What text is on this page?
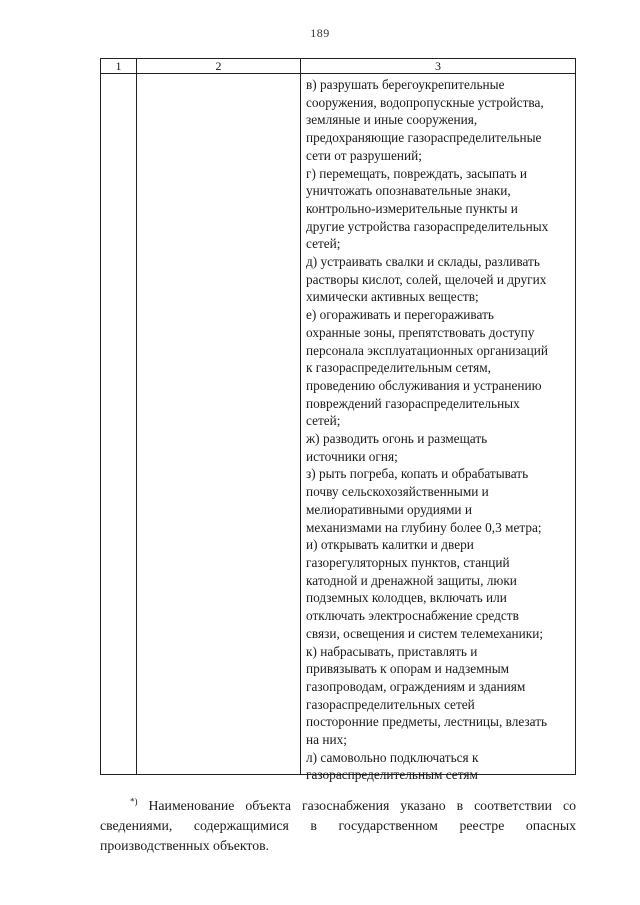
189
1	2	3
в) разрушать берегоукрепительные
сооружения, водопропускные устройства,
земляные и иные сооружения,
предохраняющие газораспределительные
сети от разрушений;
г) перемещать, повреждать, засыпать и
уничтожать опознавательные знаки,
контрольно-измерительные пункты и
другие устройства газораспределительных
сетей;
д) устраивать свалки и склады, разливать
растворы кислот, солей, щелочей и других
химически активных веществ;
е) огораживать и перегораживать
охранные зоны, препятствовать доступу
персонала эксплуатационных организаций
к газораспределительным сетям,
проведению обслуживания и устранению
повреждений газораспределительных
сетей;
ж) разводить огонь и размещать
источники огня;
з) рыть погреба, копать и обрабатывать
почву сельскохозяйственными и
мелиоративными орудиями и
механизмами на глубину более 0,3 метра;
и) открывать калитки и двери
газорегуляторных пунктов, станций
катодной и дренажной защиты, люки
подземных колодцев, включать или
отключать электроснабжение средств
связи, освещения и систем телемеханики;
к) набрасывать, приставлять и
привязывать к опорам и надземным
газопроводам, ограждениям и зданиям
газораспределительных сетей
посторонние предметы, лестницы, влезать
на них;
л) самовольно подключаться к
газораспределительным сетям
*) Наименование объекта газоснабжения указано в соответствии со
сведениями, содержащимися в государственном реестре опасных
производственных объектов.
